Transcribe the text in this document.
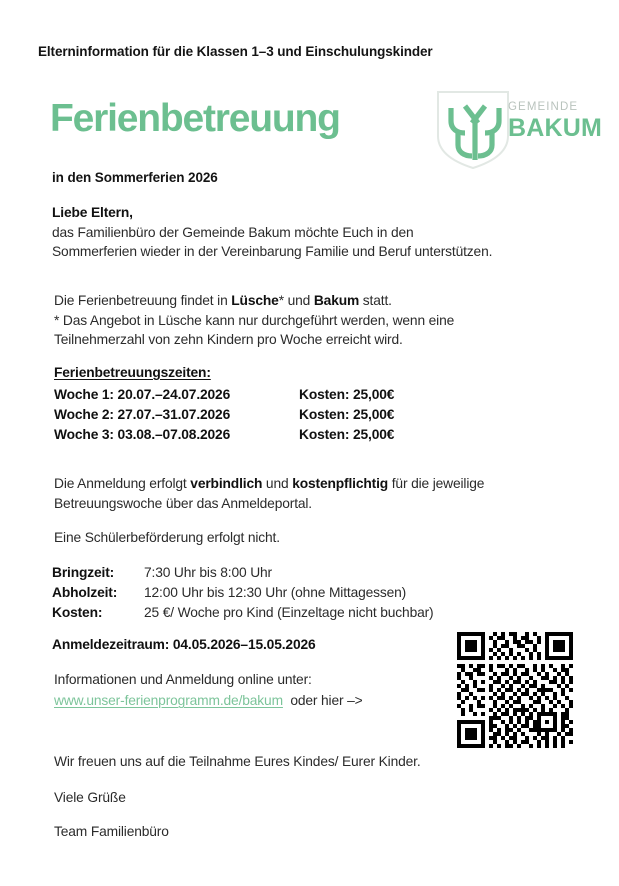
Elterninformation für die Klassen 1–3 und Einschulungskinder
Ferienbetreuung
in den Sommerferien 2026
GEMEINDE
BAKUM
Liebe Eltern,
das Familienbüro der Gemeinde Bakum möchte Euch in den
Sommerferien wieder in der Vereinbarung Familie und Beruf unterstützen.
Die Ferienbetreuung findet in Lüsche* und Bakum statt.
* Das Angebot in Lüsche kann nur durchgeführt werden, wenn eine
Teilnehmerzahl von zehn Kindern pro Woche erreicht wird.
Ferienbetreuungszeiten:
Woche 1: 20.07.–24.07.2026	Kosten: 25,00€
Woche 2: 27.07.–31.07.2026	Kosten: 25,00€
Woche 3: 03.08.–07.08.2026	Kosten: 25,00€
Die Anmeldung erfolgt verbindlich und kostenpflichtig für die jeweilige
Betreuungswoche über das Anmeldeportal.
Eine Schülerbeförderung erfolgt nicht.
Bringzeit:	7:30 Uhr bis 8:00 Uhr
Abholzeit:	12:00 Uhr bis 12:30 Uhr (ohne Mittagessen)
Kosten:	25 €/ Woche pro Kind (Einzeltage nicht buchbar)
Anmeldezeitraum: 04.05.2026–15.05.2026
Informationen und Anmeldung online unter:
www.unser-ferienprogramm.de/bakum oder hier –>
Wir freuen uns auf die Teilnahme Eures Kindes/ Eurer Kinder.
Viele Grüße
Team Familienbüro
